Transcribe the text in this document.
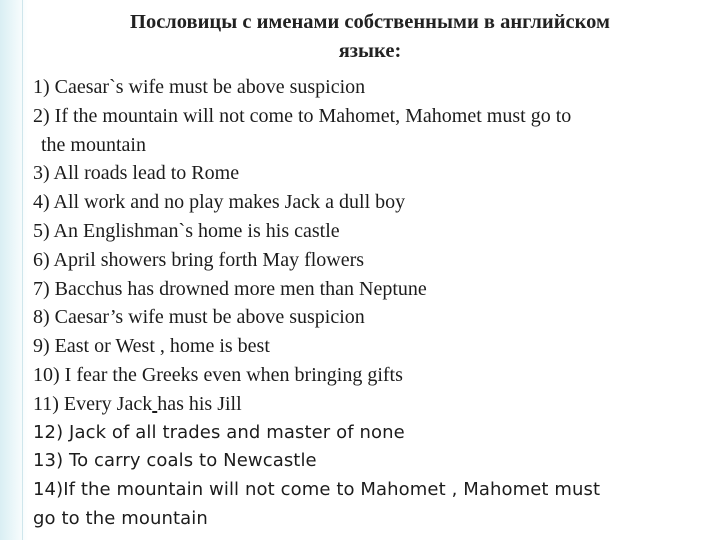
Пословицы с именами собственными в английском
языке:
1) Caesar`s wife must be above suspicion
2) If the mountain will not come to Mahomet, Mahomet must go to
the mountain
3) All roads lead to Rome
4) All work and no play makes Jack a dull boy
5) An Englishman`s home is his castle
6) April showers bring forth May flowers
7) Bacchus has drowned more men than Neptune
8) Caesar’s wife must be above suspicion
9) East or West , home is best
10) I fear the Greeks even when bringing gifts
11) Every Jack has his Jill
12) Jack of all trades and master of none
13) To carry coals to Newcastle
14)If the mountain will not come to Mahomet , Mahomet must
go to the mountain
